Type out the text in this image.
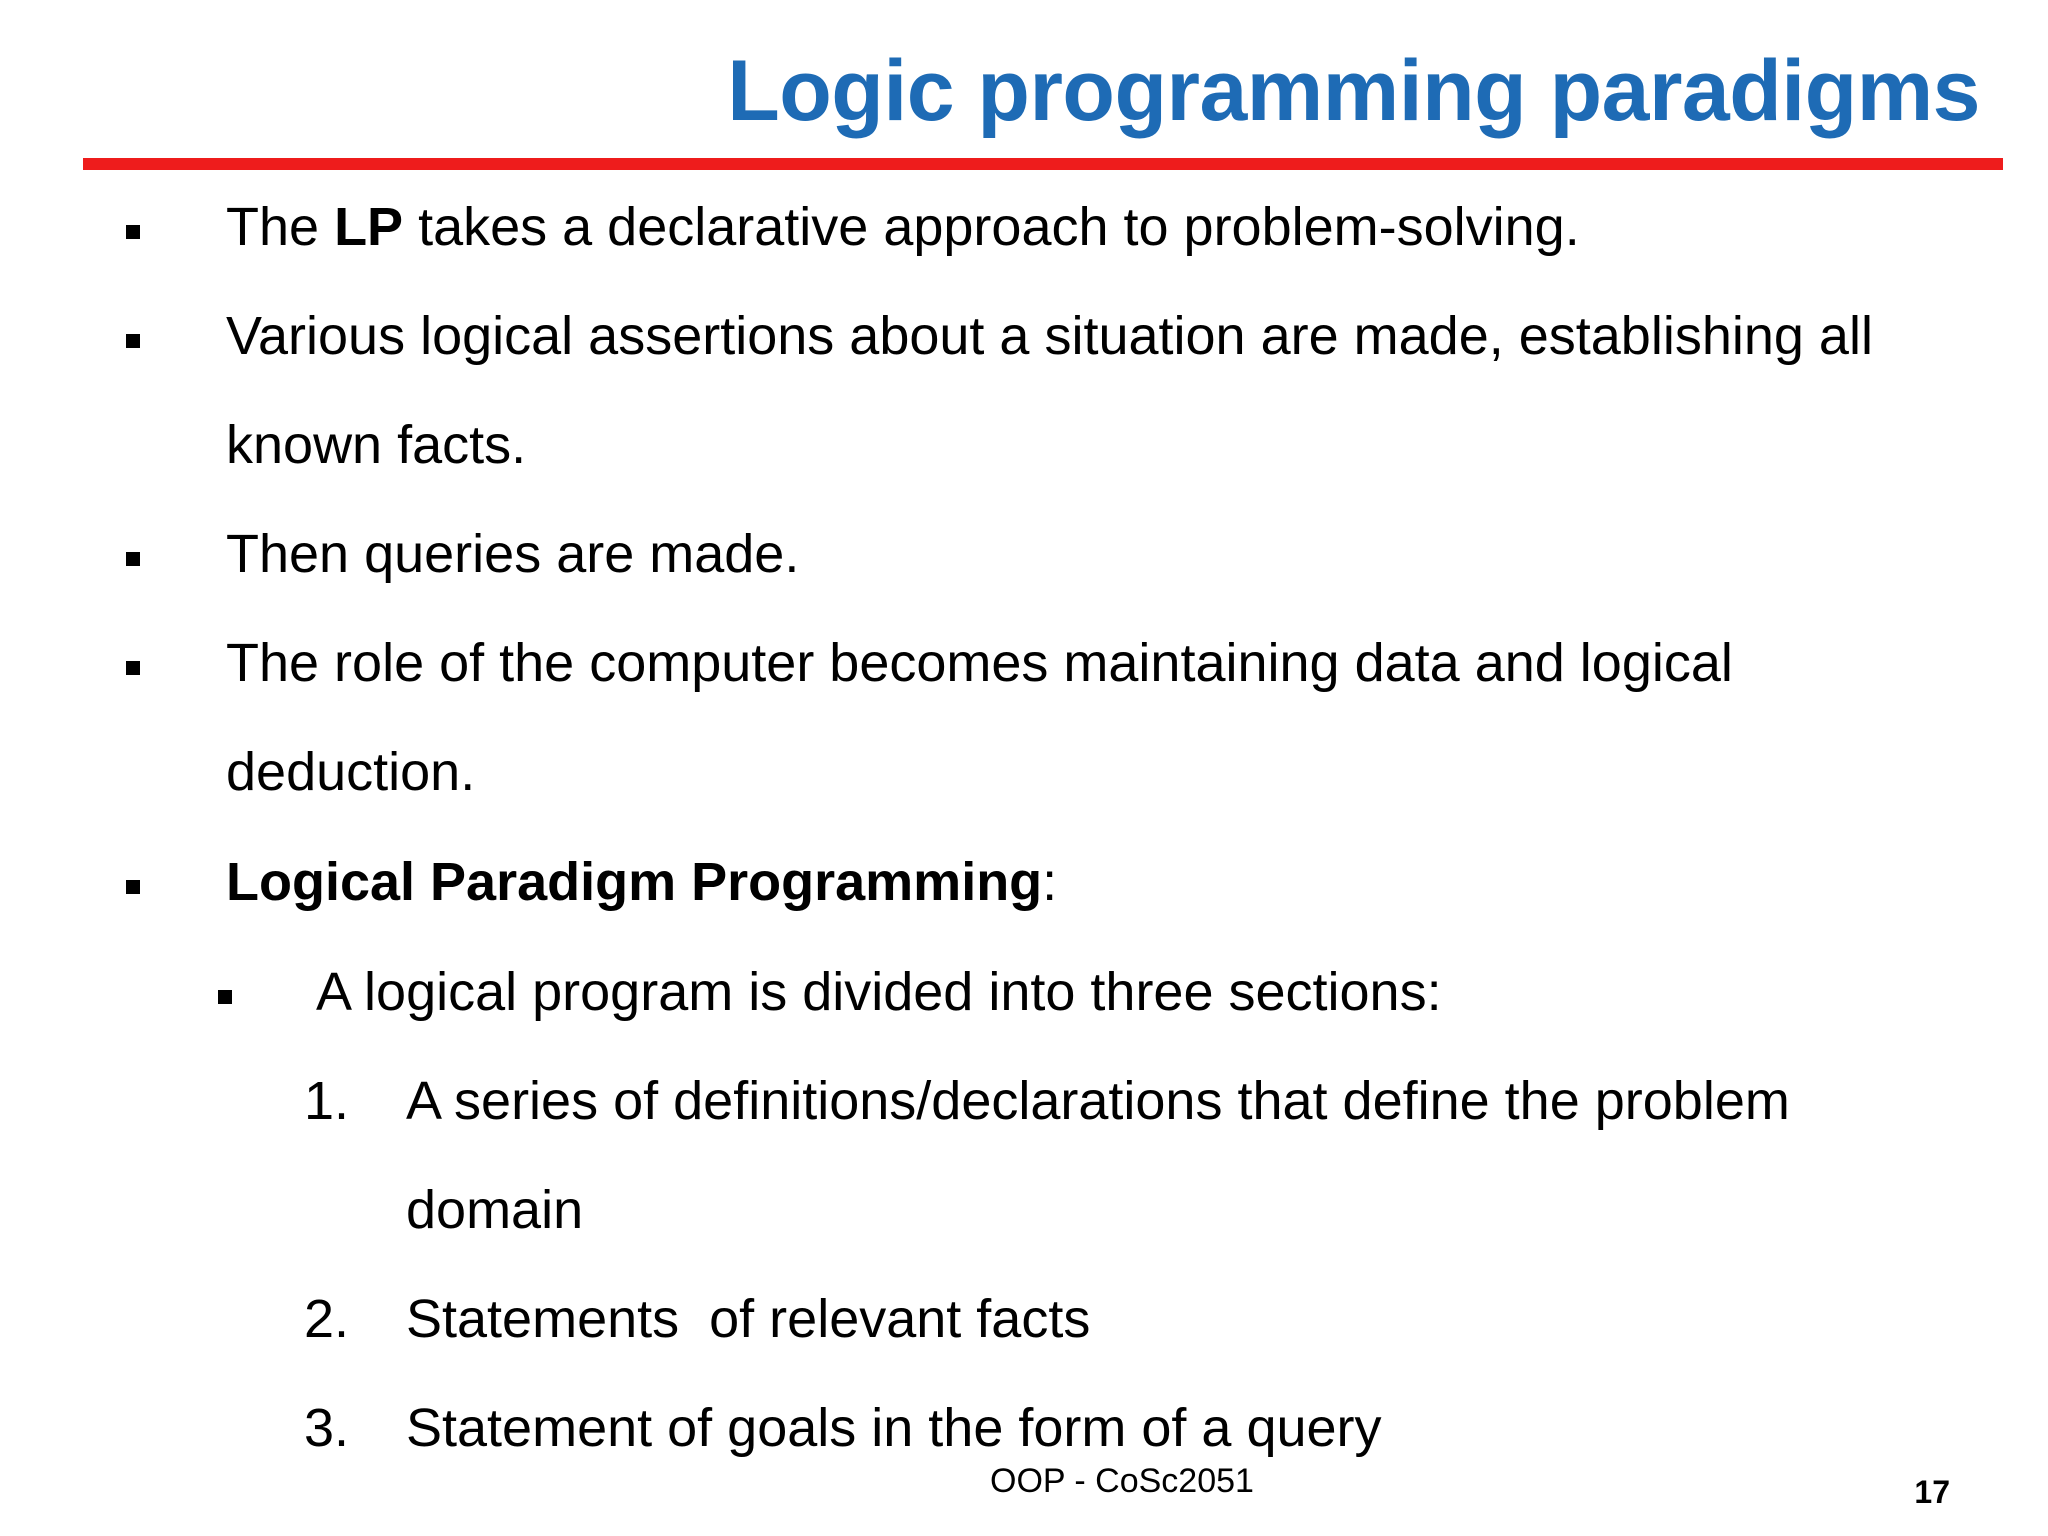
Logic programming paradigms
The LP takes a declarative approach to problem-solving.
Various logical assertions about a situation are made, establishing all
known facts.
Then queries are made.
The role of the computer becomes maintaining data and logical
deduction.
Logical Paradigm Programming:
A logical program is divided into three sections:
1. A series of definitions/declarations that define the problem
domain
2. Statements  of relevant facts
3. Statement of goals in the form of a query
OOP - CoSc2051	17
